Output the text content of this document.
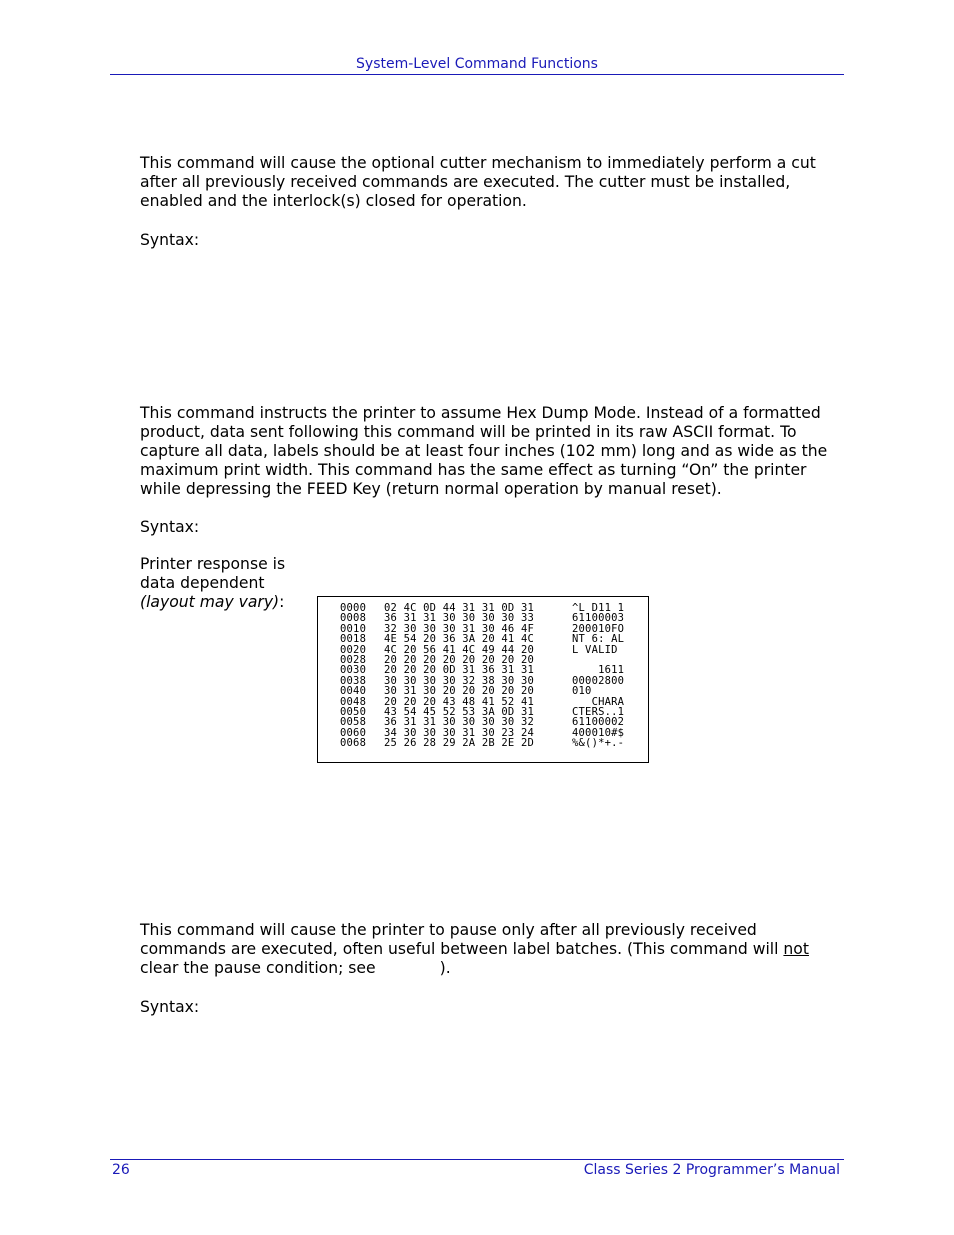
System-Level Command Functions

This command will cause the optional cutter mechanism to immediately perform a cut after all previously received commands are executed. The cutter must be installed, enabled and the interlock(s) closed for operation.

Syntax:

This command instructs the printer to assume Hex Dump Mode. Instead of a formatted product, data sent following this command will be printed in its raw ASCII format. To capture all data, labels should be at least four inches (102 mm) long and as wide as the maximum print width. This command has the same effect as turning “On” the printer while depressing the FEED Key (return normal operation by manual reset).

Syntax:
Printer response is
data dependent
(layout may vary):	0000 02 4C 0D 44 31 31 0D 31	^L D11 1
0008 36 31 31 30 30 30 30 33	61100003
0010 32 30 30 30 31 30 46 4F	200010FO
0018 4E 54 20 36 3A 20 41 4C	NT 6: AL
0020 4C 20 56 41 4C 49 44 20	L VALID
0028 20 20 20 20 20 20 20 20
0030 20 20 20 0D 31 36 31 31	1611
0038 30 30 30 30 32 38 30 30	00002800
0040 30 31 30 20 20 20 20 20	010
0048 20 20 20 43 48 41 52 41	CHARA
0050 43 54 45 52 53 3A 0D 31	CTERS..1
0058 36 31 31 30 30 30 30 32	61100002
0060 34 30 30 30 31 30 23 24	400010#$
0068 25 26 28 29 2A 2B 2E 2D	%&()*+.-

This command will cause the printer to pause only after all previously received commands are executed, often useful between label batches. (This command will not clear the pause condition; see	).

Syntax:
26	Class Series 2 Programmer’s Manual
